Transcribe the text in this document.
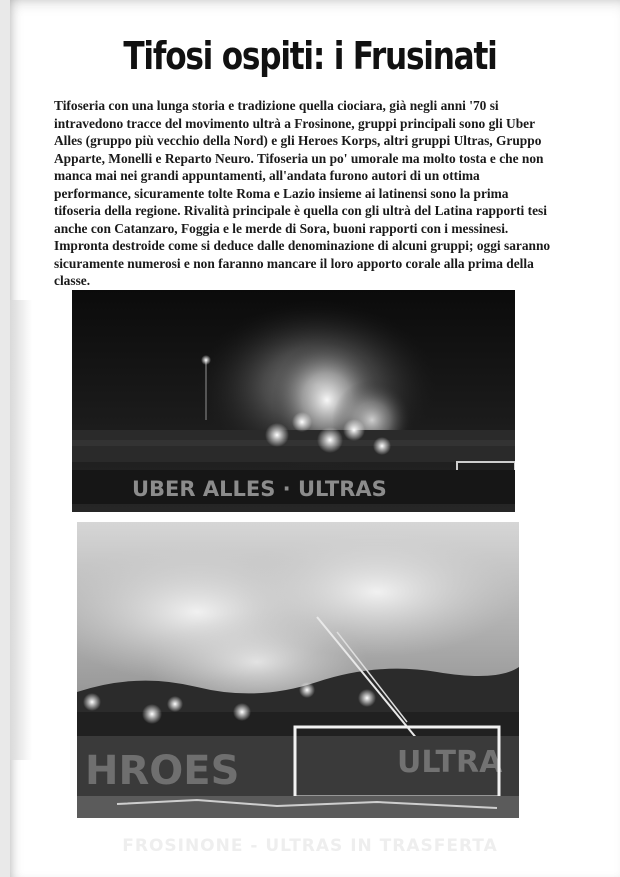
Tifosi ospiti: i Frusinati

Tifoseria con una lunga storia e tradizione quella ciociara, già negli anni '70 si intravedono tracce del movimento ultrà a Frosinone, gruppi principali sono gli Uber Alles (gruppo più vecchio della Nord) e gli Heroes Korps, altri gruppi Ultras, Gruppo Apparte, Monelli e Reparto Neuro. Tifoseria un po' umorale ma molto tosta e che non manca mai nei grandi appuntamenti, all'andata furono autori di un ottima performance, sicuramente tolte Roma e Lazio insieme ai latinensi sono la prima tifoseria della regione. Rivalità principale è quella con gli ultrà del Latina rapporti tesi anche con Catanzaro, Foggia e le merde di Sora, buoni rapporti con i messinesi. Impronta destroide come si deduce dalle denominazione di alcuni gruppi; oggi saranno sicuramente numerosi e non faranno mancare il loro apporto corale alla prima della classe.

UBER ALLES · ULTRAS
HROES	ULTRA

FROSINONE - ULTRAS IN TRASFERTA
